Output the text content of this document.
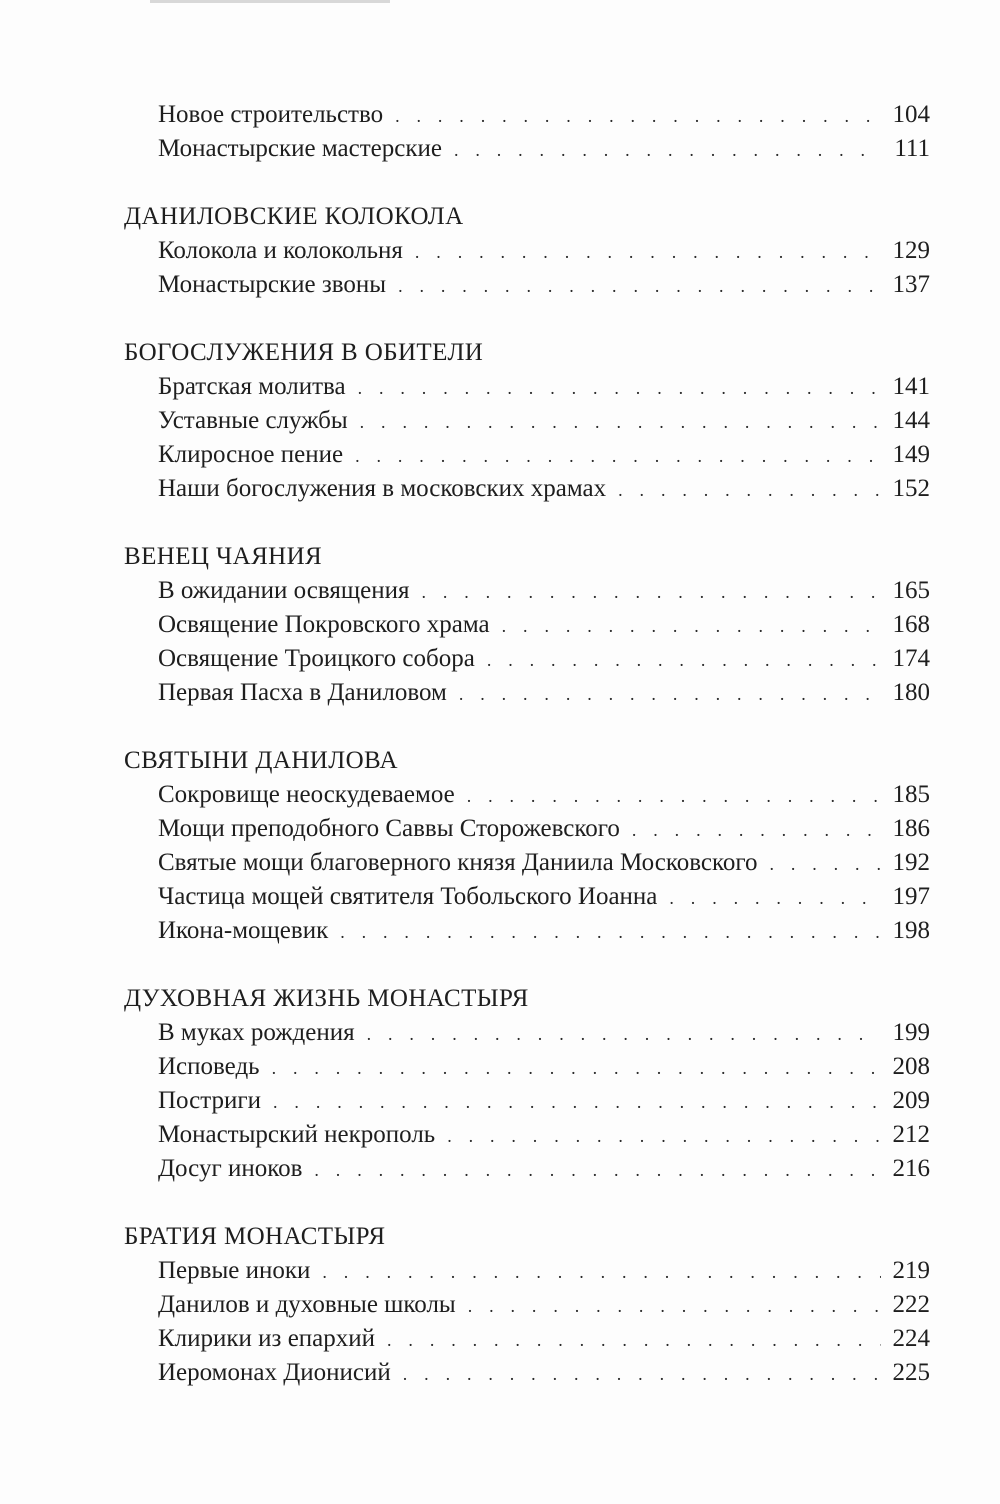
Новое строительство . . .	104
Монастырские мастерские . . .	111
ДАНИЛОВСКИЕ КОЛОКОЛА
Колокола и колокольня . . .	129
Монастырские звоны . . .	137
БОГОСЛУЖЕНИЯ В ОБИТЕЛИ
Братская молитва . . .	141
Уставные службы . . .	144
Клиросное пение . . .	149
Наши богослужения в московских храмах . . .	152
ВЕНЕЦ ЧАЯНИЯ
В ожидании освящения . . .	165
Освящение Покровского храма . . .	168
Освящение Троицкого собора . . .	174
Первая Пасха в Даниловом . . .	180
СВЯТЫНИ ДАНИЛОВА
Сокровище неоскудеваемое . . .	185
Мощи преподобного Саввы Сторожевского . . .	186
Святые мощи благоверного князя Даниила Московского . . .	192
Частица мощей святителя Тобольского Иоанна . . .	197
Икона-мощевик . . .	198
ДУХОВНАЯ ЖИЗНЬ МОНАСТЫРЯ
В муках рождения . . .	199
Исповедь . . .	208
Постриги . . .	209
Монастырский некрополь . . .	212
Досуг иноков . . .	216
БРАТИЯ МОНАСТЫРЯ
Первые иноки . . .	219
Данилов и духовные школы . . .	222
Клирики из епархий . . .	224
Иеромонах Дионисий . . .	225
